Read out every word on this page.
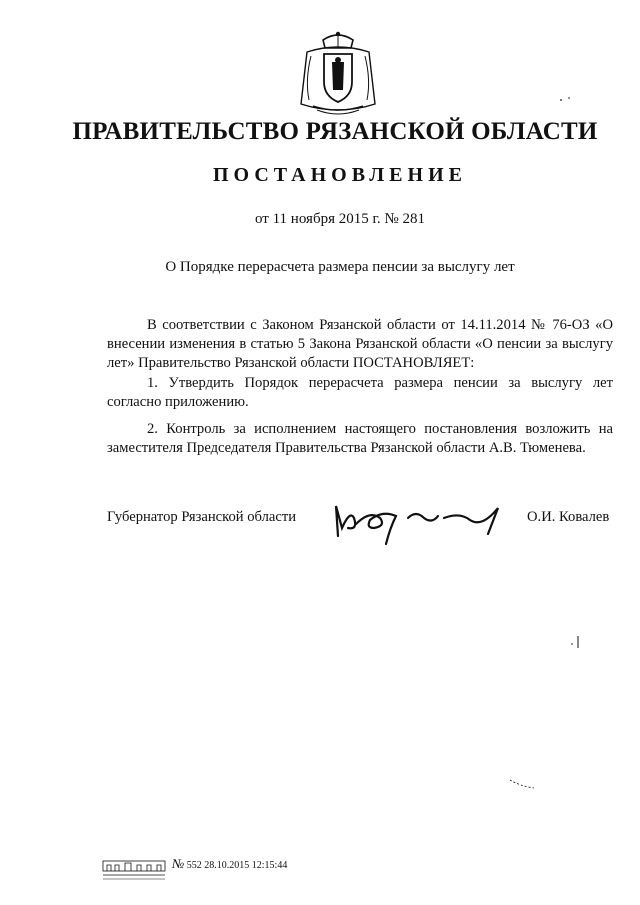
ПРАВИТЕЛЬСТВО РЯЗАНСКОЙ ОБЛАСТИ
ПОСТАНОВЛЕНИЕ
от 11 ноября 2015 г. № 281
О Порядке перерасчета размера пенсии за выслугу лет

В соответствии с Законом Рязанской области от 14.11.2014 № 76-ОЗ «О внесении изменения в статью 5 Закона Рязанской области «О пенсии за выслугу лет» Правительство Рязанской области ПОСТАНОВЛЯЕТ:

1. Утвердить Порядок перерасчета размера пенсии за выслугу лет согласно приложению.

2. Контроль за исполнением настоящего постановления возложить на заместителя Председателя Правительства Рязанской области А.В. Тюменева.

Губернатор Рязанской области	О.И. Ковалев
№ 552 28.10.2015 12:15:44
